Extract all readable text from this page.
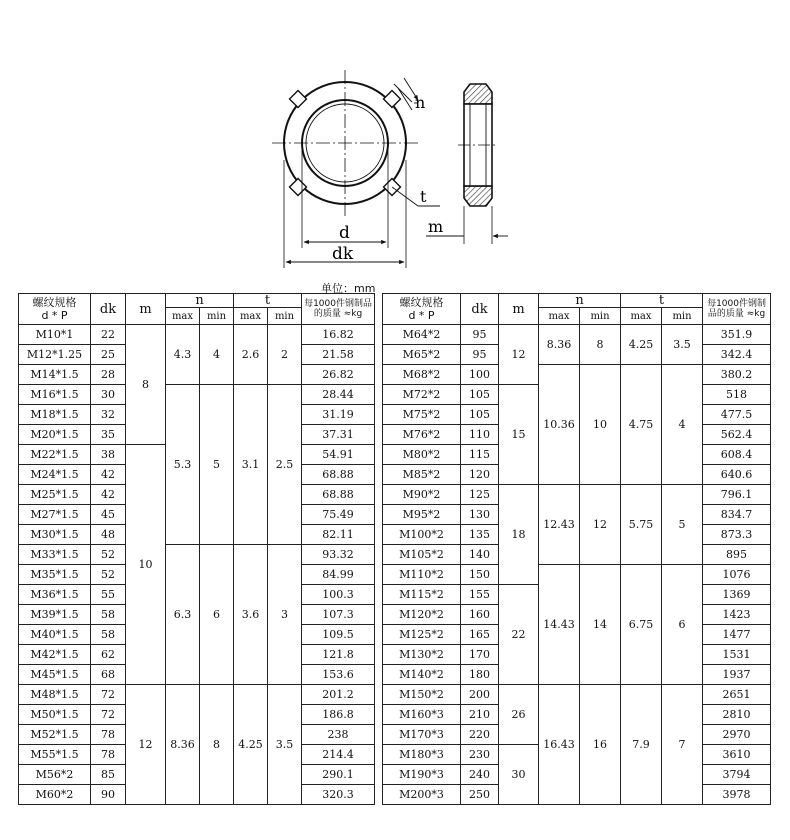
n
t
d
dk
m
单位：mm
螺纹规格
d * P	dk	m	n		t		每1000件钢制品的质量 ≈kg
			max	min	max	min	
M10*1	22	8	4.3	4	2.6	2	16.82
M12*1.25	25						21.58
M14*1.5	28						26.82
M16*1.5	30		5.3	5	3.1	2.5	28.44
M18*1.5	32						31.19
M20*1.5	35						37.31
M22*1.5	38	10					54.91
M24*1.5	42						68.88
M25*1.5	42						68.88
M27*1.5	45						75.49
M30*1.5	48						82.11
M33*1.5	52		6.3	6	3.6	3	93.32
M35*1.5	52						84.99
M36*1.5	55						100.3
M39*1.5	58						107.3
M40*1.5	58						109.5
M42*1.5	62						121.8
M45*1.5	68						153.6
M48*1.5	72	12	8.36	8	4.25	3.5	201.2
M50*1.5	72						186.8
M52*1.5	78						238
M55*1.5	78						214.4
M56*2	85						290.1
M60*2	90						320.3
螺纹规格
d * P	dk	m	n		t		每1000件钢制品的质量 ≈kg
			max	min	max	min	
M64*2	95	12	8.36	8	4.25	3.5	351.9
M65*2	95						342.4
M68*2	100		10.36	10	4.75	4	380.2
M72*2	105	15					518
M75*2	105						477.5
M76*2	110						562.4
M80*2	115						608.4
M85*2	120						640.6
M90*2	125	18	12.43	12	5.75	5	796.1
M95*2	130						834.7
M100*2	135						873.3
M105*2	140						895
M110*2	150		14.43	14	6.75	6	1076
M115*2	155	22					1369
M120*2	160						1423
M125*2	165						1477
M130*2	170						1531
M140*2	180						1937
M150*2	200	26	16.43	16	7.9	7	2651
M160*3	210						2810
M170*3	220						2970
M180*3	230	30					3610
M190*3	240						3794
M200*3	250						3978
